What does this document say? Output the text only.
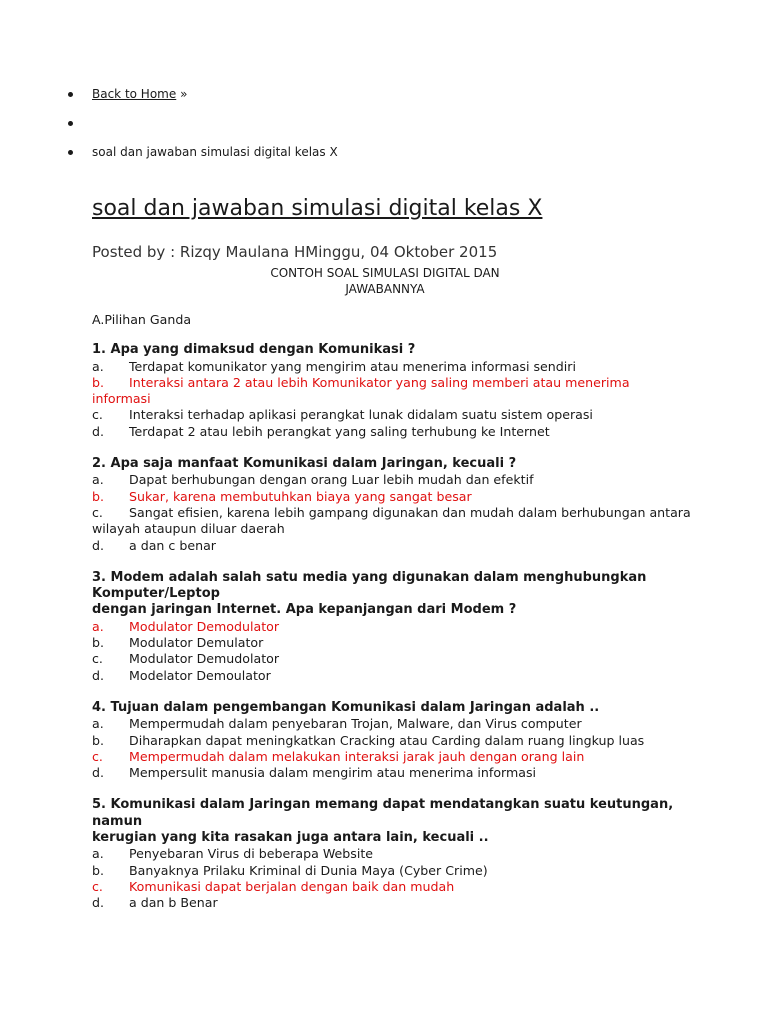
Back to Home »
soal dan jawaban simulasi digital kelas X
soal dan jawaban simulasi digital kelas X
Posted by : Rizqy Maulana HMinggu, 04 Oktober 2015
CONTOH SOAL SIMULASI DIGITAL DAN
JAWABANNYA
A.Pilihan Ganda
1. Apa yang dimaksud dengan Komunikasi ?
a. Terdapat komunikator yang mengirim atau menerima informasi sendiri
b. Interaksi antara 2 atau lebih Komunikator yang saling memberi atau menerima informasi
c. Interaksi terhadap aplikasi perangkat lunak didalam suatu sistem operasi
d. Terdapat 2 atau lebih perangkat yang saling terhubung ke Internet
2. Apa saja manfaat Komunikasi dalam Jaringan, kecuali ?
a. Dapat berhubungan dengan orang Luar lebih mudah dan efektif
b. Sukar, karena membutuhkan biaya yang sangat besar
c. Sangat efisien, karena lebih gampang digunakan dan mudah dalam berhubungan antara wilayah ataupun diluar daerah
d. a dan c benar
3. Modem adalah salah satu media yang digunakan dalam menghubungkan Komputer/Leptop
dengan jaringan Internet. Apa kepanjangan dari Modem ?
a. Modulator Demodulator
b. Modulator Demulator
c. Modulator Demudolator
d. Modelator Demoulator
4. Tujuan dalam pengembangan Komunikasi dalam Jaringan adalah ..
a. Mempermudah dalam penyebaran Trojan, Malware, dan Virus computer
b. Diharapkan dapat meningkatkan Cracking atau Carding dalam ruang lingkup luas
c. Mempermudah dalam melakukan interaksi jarak jauh dengan orang lain
d. Mempersulit manusia dalam mengirim atau menerima informasi
5. Komunikasi dalam Jaringan memang dapat mendatangkan suatu keutungan, namun
kerugian yang kita rasakan juga antara lain, kecuali ..
a. Penyebaran Virus di beberapa Website
b. Banyaknya Prilaku Kriminal di Dunia Maya (Cyber Crime)
c. Komunikasi dapat berjalan dengan baik dan mudah
d. a dan b Benar
